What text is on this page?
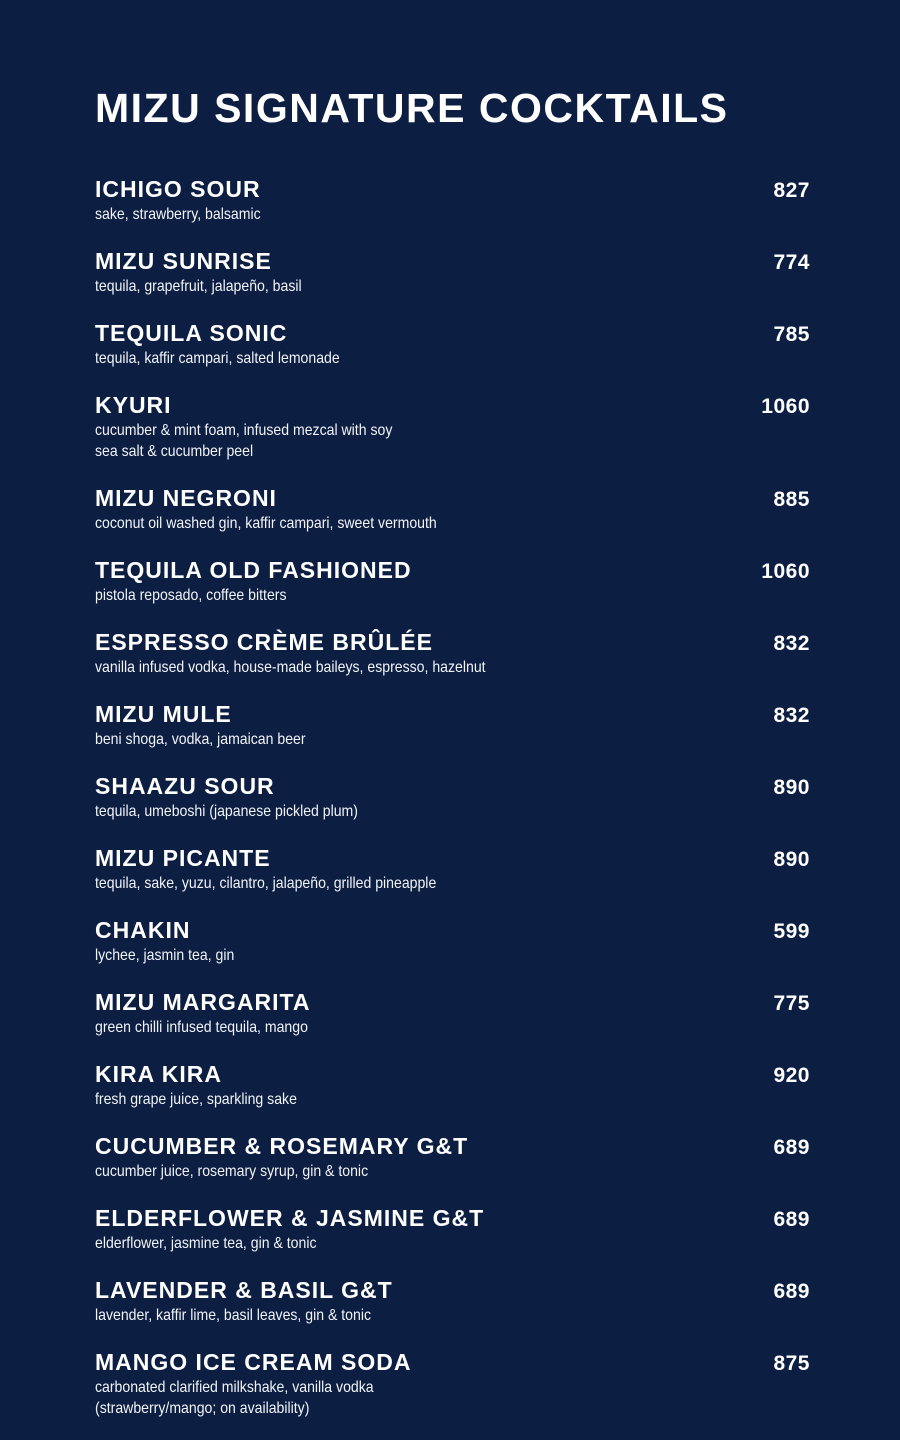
MIZU SIGNATURE COCKTAILS
ICHIGO SOUR	827
sake, strawberry, balsamic
MIZU SUNRISE	774
tequila, grapefruit, jalapeño, basil
TEQUILA SONIC	785
tequila, kaffir campari, salted lemonade
KYURI	1060
cucumber & mint foam, infused mezcal with soy
sea salt & cucumber peel
MIZU NEGRONI	885
coconut oil washed gin, kaffir campari, sweet vermouth
TEQUILA OLD FASHIONED	1060
pistola reposado, coffee bitters
ESPRESSO CRÈME BRÛLÉE	832
vanilla infused vodka, house-made baileys, espresso, hazelnut
MIZU MULE	832
beni shoga, vodka, jamaican beer
SHAAZU SOUR	890
tequila, umeboshi (japanese pickled plum)
MIZU PICANTE	890
tequila, sake, yuzu, cilantro, jalapeño, grilled pineapple
CHAKIN	599
lychee, jasmin tea, gin
MIZU MARGARITA	775
green chilli infused tequila, mango
KIRA KIRA	920
fresh grape juice, sparkling sake
CUCUMBER & ROSEMARY G&T	689
cucumber juice, rosemary syrup, gin & tonic
ELDERFLOWER & JASMINE G&T	689
elderflower, jasmine tea, gin & tonic
LAVENDER & BASIL G&T	689
lavender, kaffir lime, basil leaves, gin & tonic
MANGO ICE CREAM SODA	875
carbonated clarified milkshake, vanilla vodka
(strawberry/mango; on availability)
